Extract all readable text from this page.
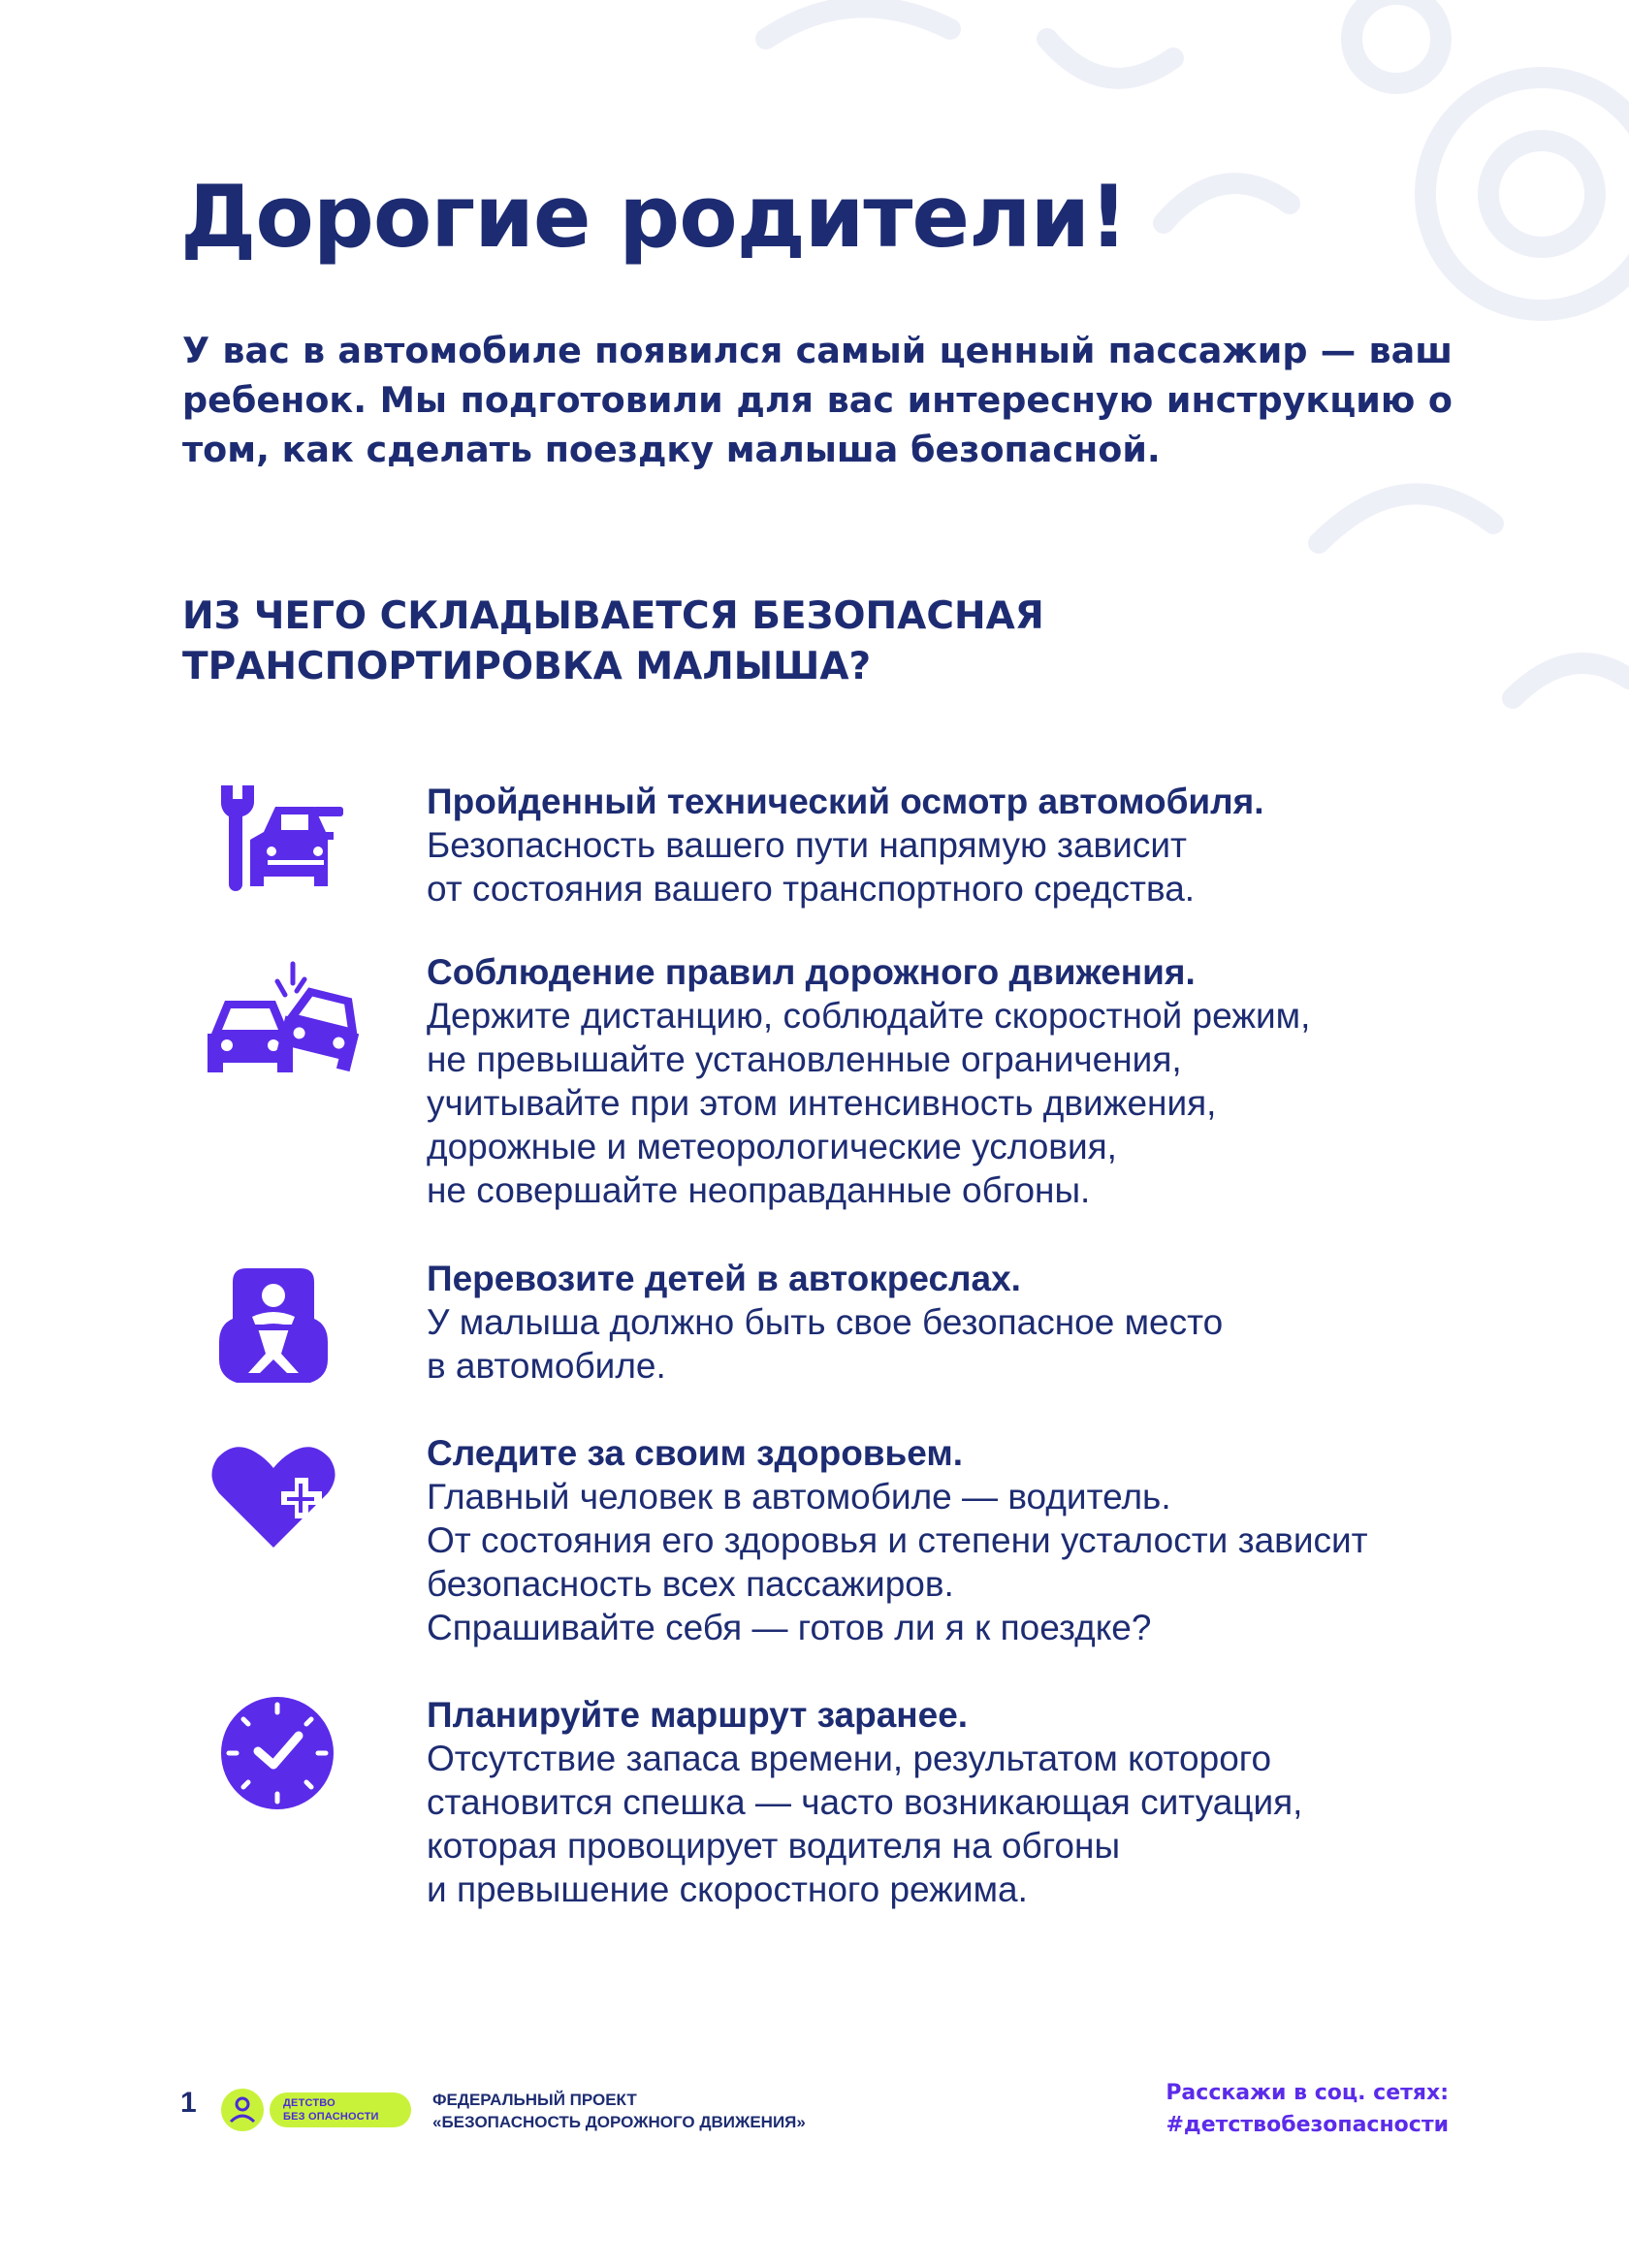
Дорогие родители!

У вас в автомобиле появился самый ценный пассажир — ваш ребенок. Мы подготовили для вас интересную инструкцию о том, как сделать поездку малыша безопасной.

ИЗ ЧЕГО СКЛАДЫВАЕТСЯ БЕЗОПАСНАЯ
ТРАНСПОРТИРОВКА МАЛЫША?
Пройденный технический осмотр автомобиля.
Безопасность вашего пути напрямую зависит
от состояния вашего транспортного средства.
Соблюдение правил дорожного движения.
Держите дистанцию, соблюдайте скоростной режим,
не превышайте установленные ограничения,
учитывайте при этом интенсивность движения,
дорожные и метеорологические условия,
не совершайте неоправданные обгоны.
Перевозите детей в автокреслах.
У малыша должно быть свое безопасное место
в автомобиле.
Следите за своим здоровьем.
Главный человек в автомобиле — водитель.
От состояния его здоровья и степени усталости зависит
безопасность всех пассажиров.
Спрашивайте себя — готов ли я к поездке?
Планируйте маршрут заранее.
Отсутствие запаса времени, результатом которого
становится спешка — часто возникающая ситуация,
которая провоцирует водителя на обгоны
и превышение скоростного режима.
1	ДЕТСТВО
БЕЗ ОПАСНОСТИ
ФЕДЕРАЛЬНЫЙ ПРОЕКТ
«БЕЗОПАСНОСТЬ ДОРОЖНОГО ДВИЖЕНИЯ»
Расскажи в соц. сетях:
#детствобезопасности
